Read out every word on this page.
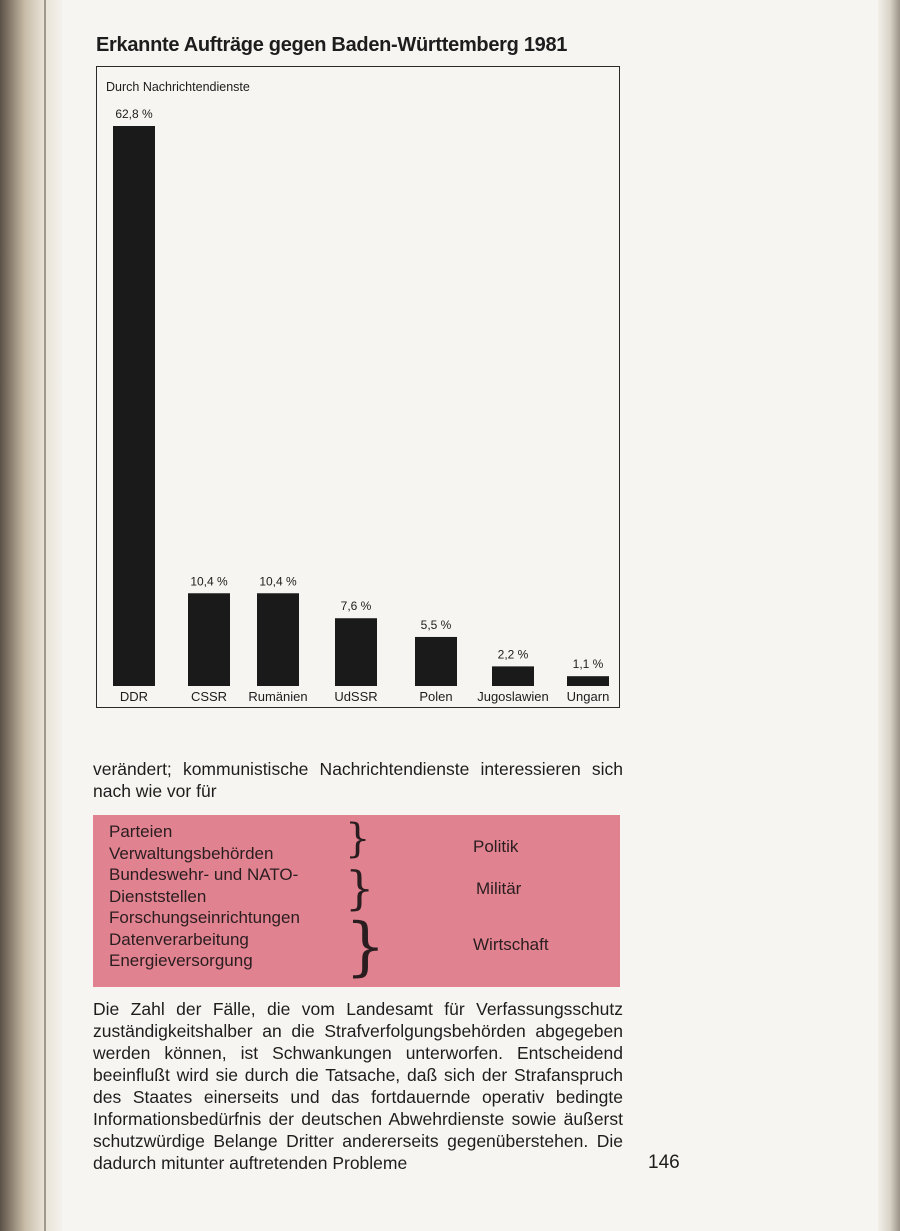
Erkannte Aufträge gegen Baden-Württemberg 1981
Durch Nachrichtendienste
62,8 %
DDR
10,4 %
CSSR
10,4 %
Rumänien
7,6 %
UdSSR
5,5 %
Polen
2,2 %
Jugoslawien
1,1 %
Ungarn

verändert; kommunistische Nachrichtendienste interessieren sich nach wie vor für

Parteien
Verwaltungsbehörden
Bundeswehr- und NATO-
Dienststellen
Forschungseinrichtungen
Datenverarbeitung
Energieversorgung
}
}
}
Politik
Militär
Wirtschaft

Die Zahl der Fälle, die vom Landesamt für Verfassungsschutz zuständigkeitshalber an die Strafverfolgungsbehörden abgegeben werden können, ist Schwankungen unterworfen. Entscheidend beeinflußt wird sie durch die Tatsache, daß sich der Strafanspruch des Staates einerseits und das fortdauernde operativ bedingte Informationsbedürfnis der deutschen Abwehrdienste sowie äußerst schutzwürdige Belange Dritter andererseits gegenüberstehen. Die dadurch mitunter auftretenden Probleme	146
